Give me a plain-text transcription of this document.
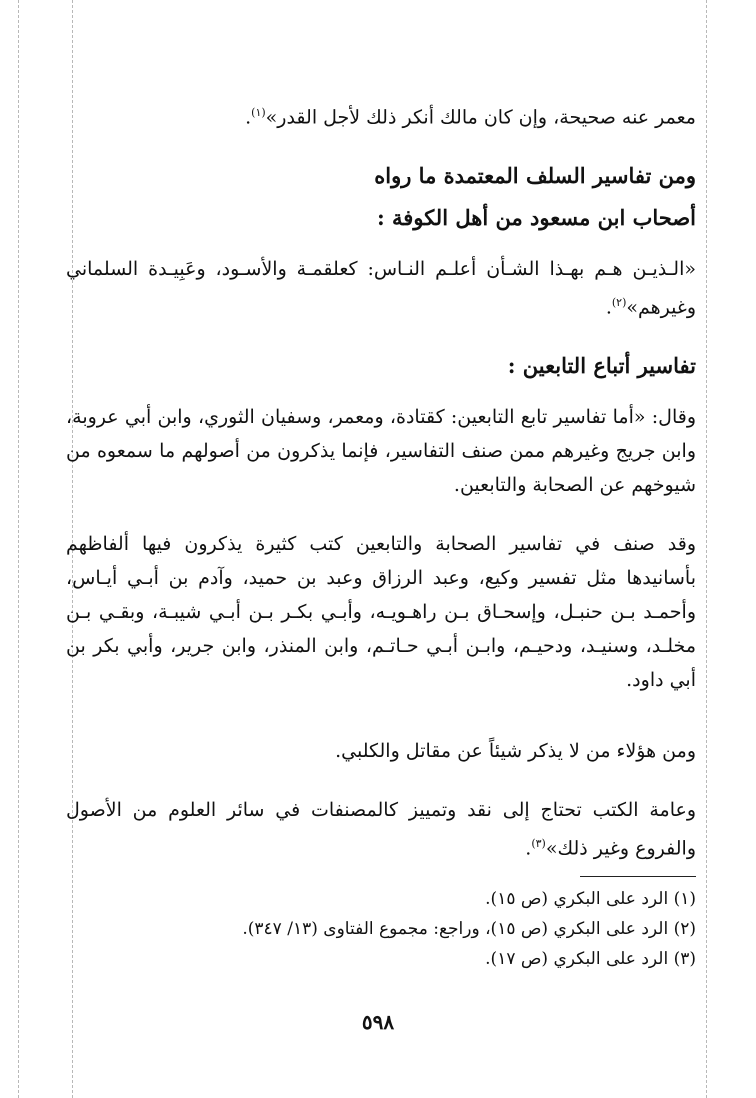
معمر عنه صحيحة، وإن كان مالك أنكر ذلك لأجل القدر»$^{(١)}$.

ومن تفاسير السلف المعتمدة ما رواه

أصحاب ابن مسعود من أهل الكوفة :

«الـذيـن هـم بهـذا الشـأن أعلـم النـاس: كعلقمـة والأسـود، وعَبِيـدة السلماني وغيرهم»$^{(٢)}$.

تفاسير أتباع التابعين :

وقال: «أما تفاسير تابع التابعين: كقتادة، ومعمر، وسفيان الثوري، وابن أبي عروبة، وابن جريج وغيرهم ممن صنف التفاسير، فإنما يذكرون من أصولهم ما سمعوه من شيوخهم عن الصحابة والتابعين.

وقد صنف في تفاسير الصحابة والتابعين كتب كثيرة يذكرون فيها ألفاظهم بأسانيدها مثل تفسير وكيع، وعبد الرزاق وعبد بن حميد، وآدم بن أبـي أيـاس، وأحمـد بـن حنبـل، وإسحـاق بـن راهـويـه، وأبـي بكـر بـن أبـي شيبـة، وبقـي بـن مخلـد، وسنيـد، ودحيـم، وابـن أبـي حـاتـم، وابن المنذر، وابن جرير، وأبي بكر بن أبي داود.

ومن هؤلاء من لا يذكر شيئاً عن مقاتل والكلبي.

وعامة الكتب تحتاج إلى نقد وتمييز كالمصنفات في سائر العلوم من الأصول والفروع وغير ذلك»$^{(٣)}$.

(١) الرد على البكري (ص ١٥).

(٢) الرد على البكري (ص ١٥)، وراجع: مجموع الفتاوى (١٣/ ٣٤٧).

(٣) الرد على البكري (ص ١٧).

٥٩٨
